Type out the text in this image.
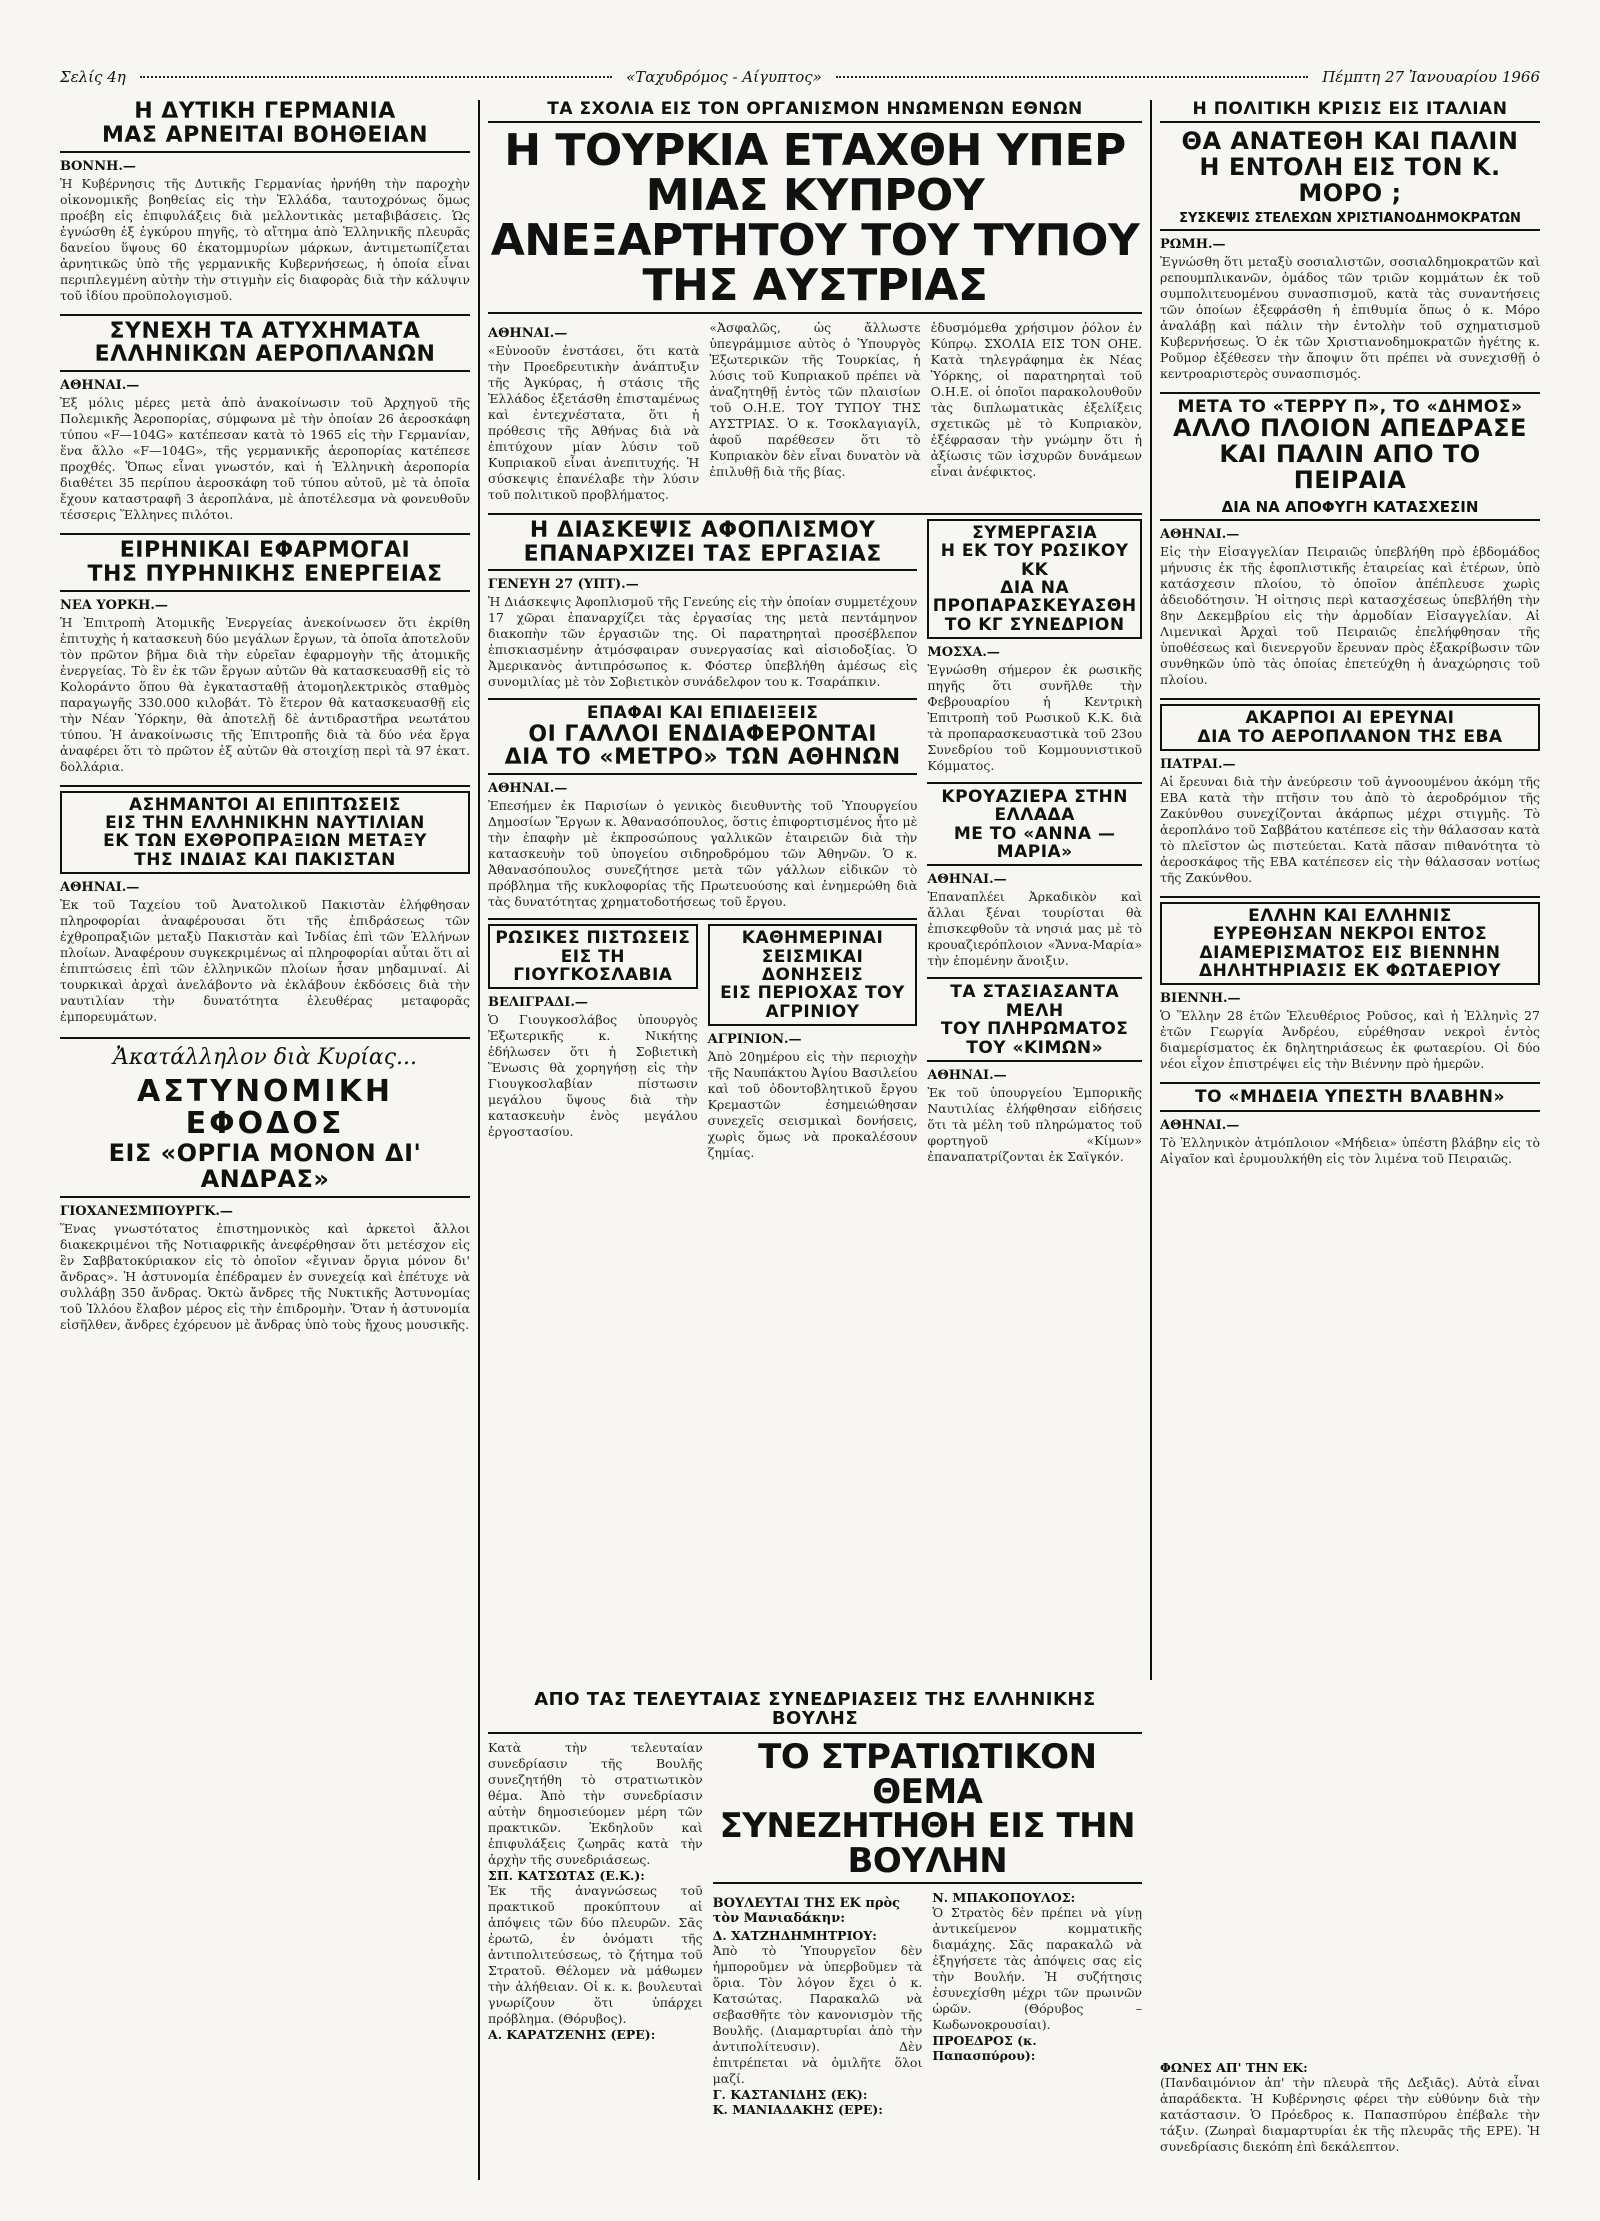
Σελίς 4η	«Ταχυδρόμος - Αίγυπτος»	Πέμπτη 27 Ἰανουαρίου 1966

Η ΔΥΤΙΚΗ ΓΕΡΜΑΝΙΑ

ΜΑΣ ΑΡΝΕΙΤΑΙ ΒΟΗΘΕΙΑΝ

ΒΟΝΝΗ.—

Ἡ Κυβέρνησις τῆς Δυτικῆς Γερμανίας ἠρνήθη τὴν παροχὴν οἰκονομικῆς βοηθείας εἰς τὴν Ἑλλάδα, ταυτοχρόνως ὅμως προέβη εἰς ἐπιφυλάξεις διὰ μελλοντικὰς μεταβιβάσεις. Ὡς ἐγνώσθη ἐξ ἐγκύρου πηγῆς, τὸ αἴτημα ἀπὸ Ἑλληνικῆς πλευρᾶς δανείου ὕψους 60 ἑκατομμυρίων μάρκων, ἀντιμετωπίζεται ἀρνητικῶς ὑπὸ τῆς γερμανικῆς Κυβερνήσεως, ἡ ὁποία εἶναι περιπλεγμένη αὐτὴν τὴν στιγμὴν εἰς διαφορὰς διὰ τὴν κάλυψιν τοῦ ἰδίου προϋπολογισμοῦ.

ΣΥΝΕΧΗ ΤΑ ΑΤΥΧΗΜΑΤΑ

ΕΛΛΗΝΙΚΩΝ ΑΕΡΟΠΛΑΝΩΝ

ΑΘΗΝΑΙ.—

Ἐξ μόλις μέρες μετὰ ἀπὸ ἀνακοίνωσιν τοῦ Ἀρχηγοῦ τῆς Πολεμικῆς Ἀεροπορίας, σύμφωνα μὲ τὴν ὁποίαν 26 ἀεροσκάφη τύπου «F—104G» κατέπεσαν κατὰ τὸ 1965 εἰς τὴν Γερμανίαν, ἕνα ἄλλο «F—104G», τῆς γερμανικῆς ἀεροπορίας κατέπεσε προχθές. Ὅπως εἶναι γνωστόν, καὶ ἡ Ἑλληνικὴ ἀεροπορία διαθέτει 35 περίπου ἀεροσκάφη τοῦ τύπου αὐτοῦ, μὲ τὰ ὁποῖα ἔχουν καταστραφῆ 3 ἀεροπλάνα, μὲ ἀποτέλεσμα νὰ φονευθοῦν τέσσερις Ἕλληνες πιλότοι.

ΕΙΡΗΝΙΚΑΙ ΕΦΑΡΜΟΓΑΙ

ΤΗΣ ΠΥΡΗΝΙΚΗΣ ΕΝΕΡΓΕΙΑΣ

ΝΕΑ ΥΟΡΚΗ.—

Ἡ Ἐπιτροπὴ Ἀτομικῆς Ἐνεργείας ἀνεκοίνωσεν ὅτι ἐκρίθη ἐπιτυχὴς ἡ κατασκευὴ δύο μεγάλων ἔργων, τὰ ὁποῖα ἀποτελοῦν τὸν πρῶτον βῆμα διὰ τὴν εὐρεῖαν ἐφαρμογὴν τῆς ἀτομικῆς ἐνεργείας. Τὸ ἓν ἐκ τῶν ἔργων αὐτῶν θὰ κατασκευασθῇ εἰς τὸ Κολοράντο ὅπου θὰ ἐγκατασταθῇ ἀτομοηλεκτρικὸς σταθμὸς παραγωγῆς 330.000 κιλοβάτ. Τὸ ἕτερον θὰ κατασκευασθῇ εἰς τὴν Νέαν Ὑόρκην, θὰ ἀποτελῇ δὲ ἀντιδραστῆρα νεωτάτου τύπου. Ἡ ἀνακοίνωσις τῆς Ἐπιτροπῆς διὰ τὰ δύο νέα ἔργα ἀναφέρει ὅτι τὸ πρῶτον ἐξ αὐτῶν θὰ στοιχίσῃ περὶ τὰ 97 ἑκατ. δολλάρια.

ΑΣΗΜΑΝΤΟΙ ΑΙ ΕΠΙΠΤΩΣΕΙΣ

ΕΙΣ ΤΗΝ ΕΛΛΗΝΙΚΗΝ ΝΑΥΤΙΛΙΑΝ

ΕΚ ΤΩΝ ΕΧΘΡΟΠΡΑΞΙΩΝ ΜΕΤΑΞΥ

ΤΗΣ ΙΝΔΙΑΣ ΚΑΙ ΠΑΚΙΣΤΑΝ

ΑΘΗΝΑΙ.—

Ἐκ τοῦ Ταχείου τοῦ Ἀνατολικοῦ Πακιστὰν ἐλήφθησαν πληροφορίαι ἀναφέρουσαι ὅτι τῆς ἐπιδράσεως τῶν ἐχθροπραξιῶν μεταξὺ Πακιστὰν καὶ Ἰνδίας ἐπὶ τῶν Ἑλλήνων πλοίων. Ἀναφέρουν συγκεκριμένως αἱ πληροφορίαι αὗται ὅτι αἱ ἐπιπτώσεις ἐπὶ τῶν ἑλληνικῶν πλοίων ἦσαν μηδαμιναί. Αἱ τουρκικαὶ ἀρχαὶ ἀνελάβοντο νὰ ἐκλάβουν ἐκδόσεις διὰ τὴν ναυτιλίαν τὴν δυνατότητα ἐλευθέρας μεταφορᾶς ἐμπορευμάτων.

Ἀκατάλληλον διὰ Κυρίας...

ΑΣΤΥΝΟΜΙΚΗ ΕΦΟΔΟΣ

ΕΙΣ «ΟΡΓΙΑ ΜΟΝΟΝ ΔΙ' ΑΝΔΡΑΣ»

ΓΙΟΧΑΝΕΣΜΠΟΥΡΓΚ.—

Ἕνας γνωστότατος ἐπιστημονικὸς καὶ ἀρκετοὶ ἄλλοι διακεκριμένοι τῆς Νοτιαφρικῆς ἀνεφέρθησαν ὅτι μετέσχον εἰς ἓν Σαββατοκύριακον εἰς τὸ ὁποῖον «ἔγιναν ὄργια μόνον δι' ἄνδρας». Ἡ ἀστυνομία ἐπέδραμεν ἐν συνεχείᾳ καὶ ἐπέτυχε νὰ συλλάβῃ 350 ἄνδρας. Ὀκτὼ ἄνδρες τῆς Νυκτικῆς Ἀστυνομίας τοῦ Ἱλλόου ἔλαβον μέρος εἰς τὴν ἐπιδρομὴν. Ὅταν ἡ ἀστυνομία εἰσῆλθεν, ἄνδρες ἐχόρευον μὲ ἄνδρας ὑπὸ τοὺς ἤχους μουσικῆς.

ΤΑ ΣΧΟΛΙΑ ΕΙΣ ΤΟΝ ΟΡΓΑΝΙΣΜΟΝ ΗΝΩΜΕΝΩΝ ΕΘΝΩΝ

Η ΤΟΥΡΚΙΑ ΕΤΑΧΘΗ ΥΠΕΡ ΜΙΑΣ ΚΥΠΡΟΥ

ΑΝΕΞΑΡΤΗΤΟΥ ΤΟΥ ΤΥΠΟΥ ΤΗΣ ΑΥΣΤΡΙΑΣ

ΑΘΗΝΑΙ.—

«Εὐνοοῦν ἐνστάσει, ὅτι κατὰ τὴν Προεδρευτικὴν ἀνάπτυξιν τῆς Ἀγκύρας, ἡ στάσις τῆς Ἑλλάδος ἐξετάσθη ἐπισταμένως καὶ ἐντεχνέστατα, ὅτι ἡ πρόθεσις τῆς Ἀθήνας διὰ νὰ ἐπιτύχουν μίαν λύσιν τοῦ Κυπριακοῦ εἶναι ἀνεπιτυχής. Ἡ σύσκεψις ἐπανέλαβε τὴν λύσιν τοῦ πολιτικοῦ προβλήματος.

«Ἀσφαλῶς, ὡς ἄλλωστε ὑπεγράμμισε αὐτὸς ὁ Ὑπουργὸς Ἐξωτερικῶν τῆς Τουρκίας, ἡ λύσις τοῦ Κυπριακοῦ πρέπει νὰ ἀναζητηθῇ ἐντὸς τῶν πλαισίων τοῦ Ο.Η.Ε. ΤΟΥ ΤΥΠΟΥ ΤΗΣ ΑΥΣΤΡΙΑΣ. Ὁ κ. Τσοκλαγιαγίλ, ἀφοῦ παρέθεσεν ὅτι τὸ Κυπριακὸν δὲν εἶναι δυνατὸν νὰ ἐπιλυθῇ διὰ τῆς βίας.

ἐδυσμόμεθα χρήσιμον ῥόλον ἐν Κύπρῳ. ΣΧΟΛΙΑ ΕΙΣ ΤΟΝ ΟΗΕ. Κατὰ τηλεγράφημα ἐκ Νέας Ὑόρκης, οἱ παρατηρηταὶ τοῦ Ο.Η.Ε. οἱ ὁποῖοι παρακολουθοῦν τὰς διπλωματικὰς ἐξελίξεις σχετικῶς μὲ τὸ Κυπριακὸν, ἐξέφρασαν τὴν γνώμην ὅτι ἡ ἀξίωσις τῶν ἰσχυρῶν δυνάμεων εἶναι ἀνέφικτος.

Η ΔΙΑΣΚΕΨΙΣ ΑΦΟΠΛΙΣΜΟΥ

ΕΠΑΝΑΡΧΙΖΕΙ ΤΑΣ ΕΡΓΑΣΙΑΣ

ΓΕΝΕΥΗ 27 (ΥΠΤ).—

Ἡ Διάσκεψις Ἀφοπλισμοῦ τῆς Γενεύης εἰς τὴν ὁποίαν συμμετέχουν 17 χῶραι ἐπαναρχίζει τὰς ἐργασίας της μετὰ πεντάμηνον διακοπὴν τῶν ἐργασιῶν της. Οἱ παρατηρηταὶ προσέβλεπον ἐπισκιασμένην ἀτμόσφαιραν συνεργασίας καὶ αἰσιοδοξίας. Ὁ Ἀμερικανὸς ἀντιπρόσωπος κ. Φόστερ ὑπεβλήθη ἀμέσως εἰς συνομιλίας μὲ τὸν Σοβιετικὸν συνάδελφον του κ. Τσαράπκιν.

ΕΠΑΦΑΙ ΚΑΙ ΕΠΙΔΕΙΞΕΙΣ

ΟΙ ΓΑΛΛΟΙ ΕΝΔΙΑΦΕΡΟΝΤΑΙ

ΔΙΑ ΤΟ «ΜΕΤΡΟ» ΤΩΝ ΑΘΗΝΩΝ

ΑΘΗΝΑΙ.—

Ἐπεσήμεν ἐκ Παρισίων ὁ γενικὸς διευθυντὴς τοῦ Ὑπουργείου Δημοσίων Ἔργων κ. Ἀθανασόπουλος, ὅστις ἐπιφορτισμένος ἦτο μὲ τὴν ἐπαφὴν μὲ ἐκπροσώπους γαλλικῶν ἑταιρειῶν διὰ τὴν κατασκευὴν τοῦ ὑπογείου σιδηροδρόμου τῶν Ἀθηνῶν. Ὁ κ. Ἀθανασόπουλος συνεζήτησε μετὰ τῶν γάλλων εἰδικῶν τὸ πρόβλημα τῆς κυκλοφορίας τῆς Πρωτευούσης καὶ ἐνημερώθη διὰ τὰς δυνατότητας χρηματοδοτήσεως τοῦ ἔργου.

ΡΩΣΙΚΕΣ ΠΙΣΤΩΣΕΙΣ

ΕΙΣ ΤΗ ΓΙΟΥΓΚΟΣΛΑΒΙΑ

ΒΕΛΙΓΡΑΔΙ.—

Ὁ Γιουγκοσλάβος ὑπουργὸς Ἐξωτερικῆς κ. Νικήτης ἐδήλωσεν ὅτι ἡ Σοβιετικὴ Ἕνωσις θὰ χορηγήσῃ εἰς τὴν Γιουγκοσλαβίαν πίστωσιν μεγάλου ὕψους διὰ τὴν κατασκευὴν ἑνὸς μεγάλου ἐργοστασίου.

ΚΑΘΗΜΕΡΙΝΑΙ

ΣΕΙΣΜΙΚΑΙ ΔΟΝΗΣΕΙΣ

ΕΙΣ ΠΕΡΙΟΧΑΣ ΤΟΥ ΑΓΡΙΝΙΟΥ

ΑΓΡΙΝΙΟΝ.—

Ἀπὸ 20ημέρου εἰς τὴν περιοχὴν τῆς Ναυπάκτου Ἀγίου Βασιλείου καὶ τοῦ ὀδοντοβλητικοῦ ἔργου Κρεμαστῶν ἐσημειώθησαν συνεχεῖς σεισμικαὶ δονήσεις, χωρὶς ὅμως νὰ προκαλέσουν ζημίας.

ΣΥΜΕΡΓΑΣΙΑ

Η ΕΚ ΤΟΥ ΡΩΣΙΚΟΥ ΚΚ

ΔΙΑ ΝΑ ΠΡΟΠΑΡΑΣΚΕΥΑΣΘΗ

ΤΟ ΚΓ ΣΥΝΕΔΡΙΟΝ

ΜΟΣΧΑ.—

Ἐγνώσθη σήμερον ἐκ ρωσικῆς πηγῆς ὅτι συνῆλθε τὴν Φεβρουαρίου ἡ Κεντρικὴ Ἐπιτροπὴ τοῦ Ρωσικοῦ Κ.Κ. διὰ τὰ προπαρασκευαστικὰ τοῦ 23ου Συνεδρίου τοῦ Κομμουνιστικοῦ Κόμματος.

ΚΡΟΥΑΖΙΕΡΑ ΣΤΗΝ ΕΛΛΑΔΑ

ΜΕ ΤΟ «ΑΝΝΑ — ΜΑΡΙΑ»

ΑΘΗΝΑΙ.—

Ἐπαναπλέει Ἀρκαδικὸν καὶ ἄλλαι ξέναι τουρίσται θὰ ἐπισκεφθοῦν τὰ νησιά μας μὲ τὸ κρουαζιερόπλοιον «Ἄννα-Μαρία» τὴν ἐπομένην ἄνοιξιν.

ΤΑ ΣΤΑΣΙΑΣΑΝΤΑ ΜΕΛΗ

ΤΟΥ ΠΛΗΡΩΜΑΤΟΣ ΤΟΥ «ΚΙΜΩΝ»

ΑΘΗΝΑΙ.—

Ἐκ τοῦ ὑπουργείου Ἐμπορικῆς Ναυτιλίας ἐλήφθησαν εἰδήσεις ὅτι τὰ μέλη τοῦ πληρώματος τοῦ φορτηγοῦ «Κίμων» ἐπαναπατρίζονται ἐκ Σαϊγκόν.

Η ΠΟΛΙΤΙΚΗ ΚΡΙΣΙΣ ΕΙΣ ΙΤΑΛΙΑΝ

ΘΑ ΑΝΑΤΕΘΗ ΚΑΙ ΠΑΛΙΝ

Η ΕΝΤΟΛΗ ΕΙΣ ΤΟΝ Κ. ΜΟΡΟ ;

ΣΥΣΚΕΨΙΣ ΣΤΕΛΕΧΩΝ ΧΡΙΣΤΙΑΝΟΔΗΜΟΚΡΑΤΩΝ

ΡΩΜΗ.—

Ἐγνώσθη ὅτι μεταξὺ σοσιαλιστῶν, σοσιαλδημοκρατῶν καὶ ρεπουμπλικανῶν, ὁμάδος τῶν τριῶν κομμάτων ἐκ τοῦ συμπολιτευομένου συνασπισμοῦ, κατὰ τὰς συναντήσεις τῶν ὁποίων ἐξεφράσθη ἡ ἐπιθυμία ὅπως ὁ κ. Μόρο ἀναλάβῃ καὶ πάλιν τὴν ἐντολὴν τοῦ σχηματισμοῦ Κυβερνήσεως. Ὁ ἐκ τῶν Χριστιανοδημοκρατῶν ἡγέτης κ. Ροῦμορ ἐξέθεσεν τὴν ἄποψιν ὅτι πρέπει νὰ συνεχισθῇ ὁ κεντροαριστερὸς συνασπισμός.

ΜΕΤΑ ΤΟ «ΤΕΡΡΥ Π», ΤΟ «ΔΗΜΟΣ»

ΑΛΛΟ ΠΛΟΙΟΝ ΑΠΕΔΡΑΣΕ

ΚΑΙ ΠΑΛΙΝ ΑΠΟ ΤΟ ΠΕΙΡΑΙΑ

ΔΙΑ ΝΑ ΑΠΟΦΥΓΗ ΚΑΤΑΣΧΕΣΙΝ

ΑΘΗΝΑΙ.—

Εἰς τὴν Εἰσαγγελίαν Πειραιῶς ὑπεβλήθη πρὸ ἑβδομάδος μήνυσις ἐκ τῆς ἐφοπλιστικῆς ἑταιρείας καὶ ἑτέρων, ὑπὸ κατάσχεσιν πλοίου, τὸ ὁποῖον ἀπέπλευσε χωρὶς ἀδειοδότησιν. Ἡ οἰτησις περὶ κατασχέσεως ὑπεβλήθη τὴν 8ην Δεκεμβρίου εἰς τὴν ἀρμοδίαν Εἰσαγγελίαν. Αἱ Λιμενικαὶ Ἀρχαὶ τοῦ Πειραιῶς ἐπελήφθησαν τῆς ὑποθέσεως καὶ διενεργοῦν ἔρευναν πρὸς ἐξακρίβωσιν τῶν συνθηκῶν ὑπὸ τὰς ὁποίας ἐπετεύχθη ἡ ἀναχώρησις τοῦ πλοίου.

ΑΚΑΡΠΟΙ ΑΙ ΕΡΕΥΝΑΙ

ΔΙΑ ΤΟ ΑΕΡΟΠΛΑΝΟΝ ΤΗΣ ΕΒΑ

ΠΑΤΡΑΙ.—

Αἱ ἔρευναι διὰ τὴν ἀνεύρεσιν τοῦ ἀγνοουμένου ἀκόμη τῆς ΕΒΑ κατὰ τὴν πτῆσιν του ἀπὸ τὸ ἀεροδρόμιον τῆς Ζακύνθου συνεχίζονται ἀκάρπως μέχρι στιγμῆς. Τὸ ἀεροπλάνο τοῦ Σαββάτου κατέπεσε εἰς τὴν θάλασσαν κατὰ τὸ πλεῖστον ὡς πιστεύεται. Κατὰ πᾶσαν πιθανότητα τὸ ἀεροσκάφος τῆς ΕΒΑ κατέπεσεν εἰς τὴν θάλασσαν νοτίως τῆς Ζακύνθου.

ΕΛΛΗΝ ΚΑΙ ΕΛΛΗΝΙΣ

ΕΥΡΕΘΗΣΑΝ ΝΕΚΡΟΙ ΕΝΤΟΣ

ΔΙΑΜΕΡΙΣΜΑΤΟΣ ΕΙΣ ΒΙΕΝΝΗΝ

ΔΗΛΗΤΗΡΙΑΣΙΣ ΕΚ ΦΩΤΑΕΡΙΟΥ

ΒΙΕΝΝΗ.—

Ὁ Ἕλλην 28 ἐτῶν Ἑλευθέριος Ροῦσος, καὶ ἡ Ἑλληνὶς 27 ἐτῶν Γεωργία Ἀνδρέου, εὑρέθησαν νεκροὶ ἐντὸς διαμερίσματος ἐκ δηλητηριάσεως ἐκ φωταερίου. Οἱ δύο νέοι εἶχον ἐπιστρέψει εἰς τὴν Βιέννην πρὸ ἡμερῶν.

ΤΟ «ΜΗΔΕΙΑ ΥΠΕΣΤΗ ΒΛΑΒΗΝ»

ΑΘΗΝΑΙ.—

Τὸ Ἑλληνικὸν ἀτμόπλοιον «Μήδεια» ὑπέστη βλάβην εἰς τὸ Αἰγαῖον καὶ ἐρυμουλκήθη εἰς τὸν λιμένα τοῦ Πειραιῶς.

ΑΠΟ ΤΑΣ ΤΕΛΕΥΤΑΙΑΣ ΣΥΝΕΔΡΙΑΣΕΙΣ ΤΗΣ ΕΛΛΗΝΙΚΗΣ ΒΟΥΛΗΣ

Κατὰ τὴν τελευταίαν συνεδρίασιν τῆς Βουλῆς συνεζητήθη τὸ στρατιωτικὸν θέμα. Ἀπὸ τὴν συνεδρίασιν αὐτὴν δημοσιεύομεν μέρη τῶν πρακτικῶν. Ἐκδηλοῦν καὶ ἐπιφυλάξεις ζωηρᾶς κατὰ τὴν ἀρχὴν τῆς συνεδριάσεως.

ΣΠ. ΚΑΤΣΩΤΑΣ (Ε.Κ.):

Ἐκ τῆς ἀναγνώσεως τοῦ πρακτικοῦ προκύπτουν αἱ ἀπόψεις τῶν δύο πλευρῶν. Σᾶς ἐρωτῶ, ἐν ὀνόματι τῆς ἀντιπολιτεύσεως, τὸ ζήτημα τοῦ Στρατοῦ. Θέλομεν νὰ μάθωμεν τὴν ἀλήθειαν. Οἱ κ. κ. βουλευταὶ γνωρίζουν ὅτι ὑπάρχει πρόβλημα. (Θόρυβος).

Α. ΚΑΡΑΤΖΕΝΗΣ (ΕΡΕ):

ΤΟ ΣΤΡΑΤΙΩΤΙΚΟΝ ΘΕΜΑ

ΣΥΝΕΖΗΤΗΘΗ ΕΙΣ ΤΗΝ ΒΟΥΛΗΝ

ΒΟΥΛΕΥΤΑΙ ΤΗΣ ΕΚ πρὸς τὸν Μανιαδάκην:
Δ. ΧΑΤΖΗΔΗΜΗΤΡΙΟΥ:

Ἀπὸ τὸ Ὑπουργεῖον δὲν ἠμποροῦμεν νὰ ὑπερβοῦμεν τὰ ὅρια. Τὸν λόγον ἔχει ὁ κ. Κατσώτας. Παρακαλῶ νὰ σεβασθῆτε τὸν κανονισμὸν τῆς Βουλῆς. (Διαμαρτυρίαι ἀπὸ τὴν ἀντιπολίτευσιν). Δὲν ἐπιτρέπεται νὰ ὁμιλῆτε ὅλοι μαζί.

Γ. ΚΑΣΤΑΝΙΔΗΣ (ΕΚ):
Κ. ΜΑΝΙΑΔΑΚΗΣ (ΕΡΕ):
Ν. ΜΠΑΚΟΠΟΥΛΟΣ:

Ὁ Στρατὸς δὲν πρέπει νὰ γίνῃ ἀντικείμενον κομματικῆς διαμάχης. Σᾶς παρακαλῶ νὰ ἐξηγήσετε τὰς ἀπόψεις σας εἰς τὴν Βουλήν. Ἡ συζήτησις ἐσυνεχίσθη μέχρι τῶν πρωινῶν ὡρῶν. (Θόρυβος – Κωδωνοκρουσίαι).

ΠΡΟΕΔΡΟΣ (κ. Παπασπύρου):
ΦΩΝΕΣ ΑΠ' ΤΗΝ ΕΚ:

(Πανδαιμόνιον ἀπ' τὴν πλευρὰ τῆς Δεξιᾶς). Αὐτὰ εἶναι ἀπαράδεκτα. Ἡ Κυβέρνησις φέρει τὴν εὐθύνην διὰ τὴν κατάστασιν. Ὁ Πρόεδρος κ. Παπασπύρου ἐπέβαλε τὴν τάξιν. (Ζωηραὶ διαμαρτυρίαι ἐκ τῆς πλευρᾶς τῆς ΕΡΕ). Ἡ συνεδρίασις διεκόπη ἐπὶ δεκάλεπτον.
